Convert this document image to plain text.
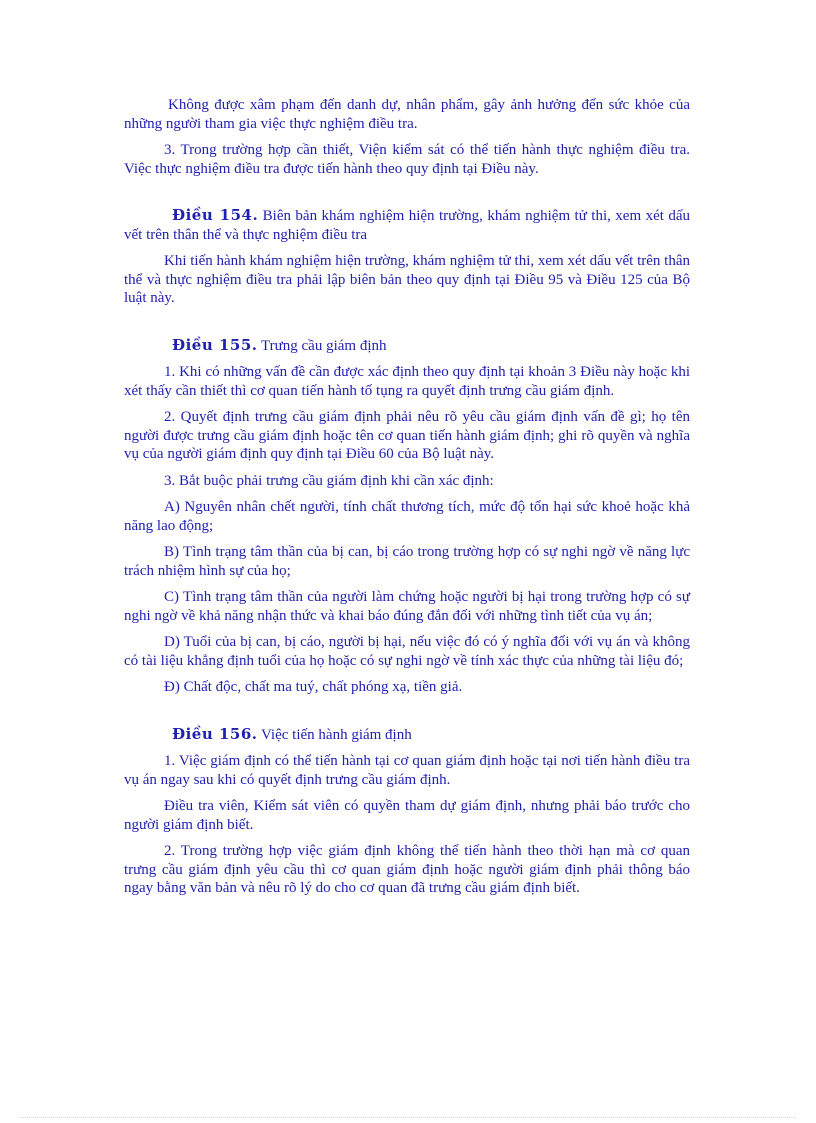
Không được xâm phạm đến danh dự, nhân phẩm, gây ảnh hưởng đến sức khỏe của những người tham gia việc thực nghiệm điều tra.

3. Trong trường hợp cần thiết, Viện kiểm sát có thể tiến hành thực nghiệm điều tra. Việc thực nghiệm điều tra được tiến hành theo quy định tại Điều này.

Điều 154. Biên bản khám nghiệm hiện trường, khám nghiệm tử thi, xem xét dấu vết trên thân thể và thực nghiệm điều tra

Khi tiến hành khám nghiệm hiện trường, khám nghiệm tử thi, xem xét dấu vết trên thân thể và thực nghiệm điều tra phải lập biên bản theo quy định tại Điều 95 và Điều 125 của Bộ luật này.

Điều 155. Trưng cầu giám định

1. Khi có những vấn đề cần được xác định theo quy định tại khoản 3 Điều này hoặc khi xét thấy cần thiết thì cơ quan tiến hành tố tụng ra quyết định trưng cầu giám định.

2. Quyết định trưng cầu giám định phải nêu rõ yêu cầu giám định vấn đề gì; họ tên người được trưng cầu giám định hoặc tên cơ quan tiến hành giám định; ghi rõ quyền và nghĩa vụ của người giám định quy định tại Điều 60 của Bộ luật này.

3. Bắt buộc phải trưng cầu giám định khi cần xác định:

A) Nguyên nhân chết người, tính chất thương tích, mức độ tổn hại sức khoẻ hoặc khả năng lao động;

B) Tình trạng tâm thần của bị can, bị cáo trong trường hợp có sự nghi ngờ về năng lực trách nhiệm hình sự của họ;

C) Tình trạng tâm thần của người làm chứng hoặc người bị hại trong trường hợp có sự nghi ngờ về khả năng nhận thức và khai báo đúng đắn đối với những tình tiết của vụ án;

D) Tuổi của bị can, bị cáo, người bị hại, nếu việc đó có ý nghĩa đối với vụ án và không có tài liệu khẳng định tuổi của họ hoặc có sự nghi ngờ về tính xác thực của những tài liệu đó;

Đ) Chất độc, chất ma tuý, chất phóng xạ, tiền giả.

Điều 156. Việc tiến hành giám định

1. Việc giám định có thể tiến hành tại cơ quan giám định hoặc tại nơi tiến hành điều tra vụ án ngay sau khi có quyết định trưng cầu giám định.

Điều tra viên, Kiểm sát viên có quyền tham dự giám định, nhưng phải báo trước cho người giám định biết.

2. Trong trường hợp việc giám định không thể tiến hành theo thời hạn mà cơ quan trưng cầu giám định yêu cầu thì cơ quan giám định hoặc người giám định phải thông báo ngay bằng văn bản và nêu rõ lý do cho cơ quan đã trưng cầu giám định biết.
